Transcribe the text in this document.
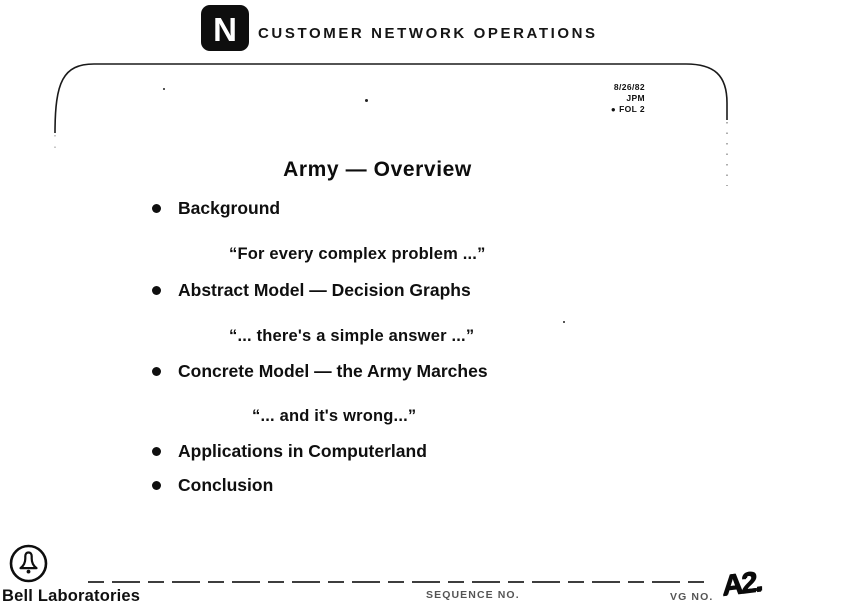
N CUSTOMER NETWORK OPERATIONS
8/26/82
JPM
● FOL 2
Army — Overview
Background
“For every complex problem ...”
Abstract Model — Decision Graphs
“... there's a simple answer ...”
Concrete Model — the Army Marches
“... and it's wrong...”
Applications in Computerland
Conclusion
Bell Laboratories	SEQUENCE NO.	VG NO. A2.
